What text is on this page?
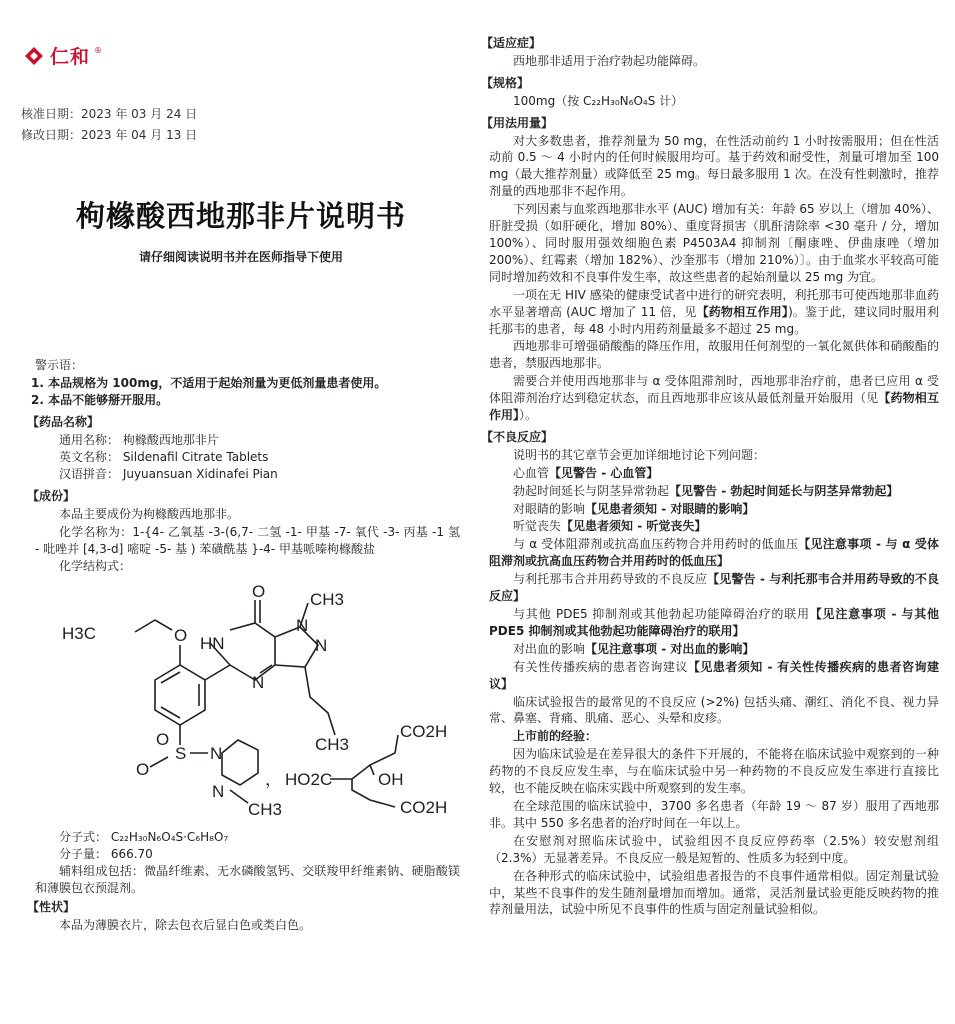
仁和 ®
核准日期：2023 年 03 月 24 日
修改日期：2023 年 04 月 13 日
枸橼酸西地那非片说明书
请仔细阅读说明书并在医师指导下使用
警示语：
1. 本品规格为 100mg，不适用于起始剂量为更低剂量患者使用。
2. 本品不能够掰开服用。
【药品名称】
通用名称： 枸橼酸西地那非片
英文名称： Sildenafil Citrate Tablets
汉语拼音： Juyuansuan Xidinafei Pian
【成份】
本品主要成份为枸橼酸西地那非。
化学名称为：1-{4- 乙氧基 -3-(6,7- 二氢 -1- 甲基 -7- 氧代 -3- 丙基 -1 氢 - 吡唑并 [4,3-d] 嘧啶 -5- 基 ) 苯磺酰基 }-4- 甲基哌嗪枸橼酸盐
化学结构式：
O	CH3
HN
N
N
N
H3C	O
S
O
O
N
N
CH3
CH3
，
CO2H
HO2C	OH
CO2H
分子式： C₂₂H₃₀N₆O₄S·C₆H₈O₇
分子量： 666.70
辅料组成包括：微晶纤维素、无水磷酸氢钙、交联羧甲纤维素钠、硬脂酸镁和薄膜包衣预混剂。
【性状】
本品为薄膜衣片，除去包衣后显白色或类白色。
【适应症】
西地那非适用于治疗勃起功能障碍。
【规格】
100mg（按 C₂₂H₃₀N₆O₄S 计）
【用法用量】
对大多数患者，推荐剂量为 50 mg，在性活动前约 1 小时按需服用；但在性活动前 0.5 ～ 4 小时内的任何时候服用均可。基于药效和耐受性，剂量可增加至 100 mg（最大推荐剂量）或降低至 25 mg。每日最多服用 1 次。在没有性刺激时，推荐剂量的西地那非不起作用。
下列因素与血浆西地那非水平 (AUC) 增加有关：年龄 65 岁以上（增加 40%）、肝脏受损（如肝硬化，增加 80%）、重度肾损害（肌酐清除率 <30 毫升 / 分，增加 100%）、同时服用强效细胞色素 P4503A4 抑制剂〔酮康唑、伊曲康唑（增加 200%）、红霉素（增加 182%）、沙奎那韦（增加 210%）〕。由于血浆水平较高可能同时增加药效和不良事件发生率，故这些患者的起始剂量以 25 mg 为宜。
一项在无 HIV 感染的健康受试者中进行的研究表明，利托那韦可使西地那非血药水平显著增高 (AUC 增加了 11 倍，见【药物相互作用】)。鉴于此，建议同时服用利托那韦的患者，每 48 小时内用药剂量最多不超过 25 mg。
西地那非可增强硝酸酯的降压作用，故服用任何剂型的一氧化氮供体和硝酸酯的患者，禁服西地那非。
需要合并使用西地那非与 α 受体阻滞剂时，西地那非治疗前，患者已应用 α 受体阻滞剂治疗达到稳定状态，而且西地那非应该从最低剂量开始服用（见【药物相互作用】）。
【不良反应】
说明书的其它章节会更加详细地讨论下列问题：
心血管【见警告 - 心血管】
勃起时间延长与阴茎异常勃起【见警告 - 勃起时间延长与阴茎异常勃起】
对眼睛的影响【见患者须知 - 对眼睛的影响】
听觉丧失【见患者须知 - 听觉丧失】
与 α 受体阻滞剂或抗高血压药物合并用药时的低血压【见注意事项 - 与 α 受体阻滞剂或抗高血压药物合并用药时的低血压】
与利托那韦合并用药导致的不良反应【见警告 - 与利托那韦合并用药导致的不良反应】
与其他 PDE5 抑制剂或其他勃起功能障碍治疗的联用【见注意事项 - 与其他 PDE5 抑制剂或其他勃起功能障碍治疗的联用】
对出血的影响【见注意事项 - 对出血的影响】
有关性传播疾病的患者咨询建议【见患者须知 - 有关性传播疾病的患者咨询建议】
临床试验报告的最常见的不良反应 (>2%) 包括头痛、潮红、消化不良、视力异常、鼻塞、背痛、肌痛、恶心、头晕和皮疹。
上市前的经验：
因为临床试验是在差异很大的条件下开展的，不能将在临床试验中观察到的一种药物的不良反应发生率，与在临床试验中另一种药物的不良反应发生率进行直接比较，也不能反映在临床实践中所观察到的发生率。
在全球范围的临床试验中，3700 多名患者（年龄 19 ～ 87 岁）服用了西地那非。其中 550 多名患者的治疗时间在一年以上。
在安慰剂对照临床试验中，试验组因不良反应停药率（2.5%）较安慰剂组（2.3%）无显著差异。不良反应一般是短暂的、性质多为轻到中度。
在各种形式的临床试验中，试验组患者报告的不良事件通常相似。固定剂量试验中，某些不良事件的发生随剂量增加而增加。通常，灵活剂量试验更能反映药物的推荐剂量用法，试验中所见不良事件的性质与固定剂量试验相似。
